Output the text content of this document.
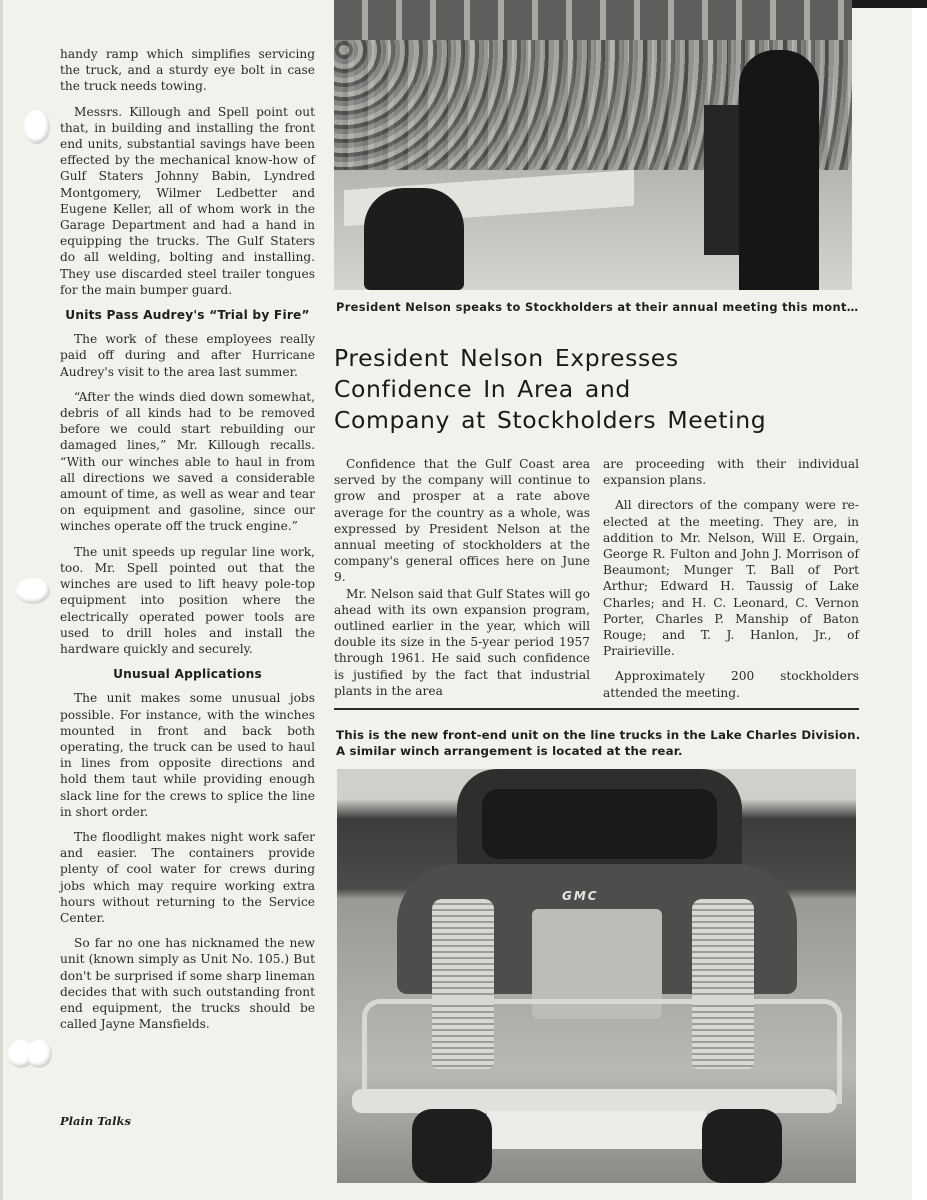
handy ramp which simplifies servicing the truck, and a sturdy eye bolt in case the truck needs towing.

Messrs. Killough and Spell point out that, in building and installing the front end units, substantial savings have been effected by the mechanical know-how of Gulf Staters Johnny Babin, Lyndred Montgomery, Wilmer Ledbetter and Eugene Keller, all of whom work in the Garage Department and had a hand in equipping the trucks. The Gulf Staters do all welding, bolting and installing. They use discarded steel trailer tongues for the main bumper guard.

Units Pass Audrey's “Trial by Fire”

The work of these employees really paid off during and after Hurricane Audrey's visit to the area last summer.

“After the winds died down somewhat, debris of all kinds had to be removed before we could start rebuilding our damaged lines,” Mr. Killough recalls. “With our winches able to haul in from all directions we saved a considerable amount of time, as well as wear and tear on equipment and gasoline, since our winches operate off the truck engine.”

The unit speeds up regular line work, too. Mr. Spell pointed out that the winches are used to lift heavy pole-top equipment into position where the electrically operated power tools are used to drill holes and install the hardware quickly and securely.

Unusual Applications

The unit makes some unusual jobs possible. For instance, with the winches mounted in front and back both operating, the truck can be used to haul in lines from opposite directions and hold them taut while providing enough slack line for the crews to splice the line in short order.

The floodlight makes night work safer and easier. The containers provide plenty of cool water for crews during jobs which may require working extra hours without returning to the Service Center.

So far no one has nicknamed the new unit (known simply as Unit No. 105.) But don't be surprised if some sharp lineman decides that with such outstanding front end equipment, the trucks should be called Jayne Mansfields.

Plain Talks
President Nelson speaks to Stockholders at their annual meeting this mont…
President Nelson Expresses
Confidence In Area and
Company at Stockholders Meeting

Confidence that the Gulf Coast area served by the company will continue to grow and prosper at a rate above average for the country as a whole, was expressed by President Nelson at the annual meeting of stockholders at the company's general offices here on June 9.

Mr. Nelson said that Gulf States will go ahead with its own expansion program, outlined earlier in the year, which will double its size in the 5-year period 1957 through 1961. He said such confidence is justified by the fact that industrial plants in the area

are proceeding with their individual expansion plans.

All directors of the company were re-elected at the meeting. They are, in addition to Mr. Nelson, Will E. Orgain, George R. Fulton and John J. Morrison of Beaumont; Munger T. Ball of Port Arthur; Edward H. Taussig of Lake Charles; and H. C. Leonard, C. Vernon Porter, Charles P. Manship of Baton Rouge; and T. J. Hanlon, Jr., of Prairieville.

Approximately 200 stockholders attended the meeting.

This is the new front-end unit on the line trucks in the Lake Charles Division.
A similar winch arrangement is located at the rear.
GMC
